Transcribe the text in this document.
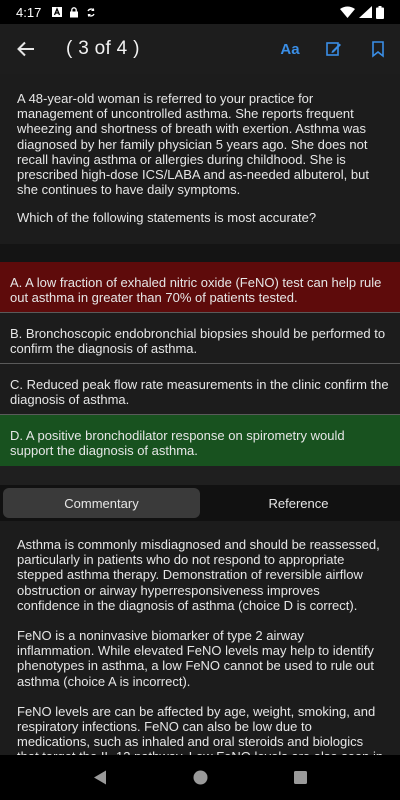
4:17
( 3 of 4 )	Aa

A 48-year-old woman is referred to your practice for management of uncontrolled asthma. She reports frequent wheezing and shortness of breath with exertion. Asthma was diagnosed by her family physician 5 years ago. She does not recall having asthma or allergies during childhood. She is prescribed high-dose ICS/LABA and as-needed albuterol, but she continues to have daily symptoms.

Which of the following statements is most accurate?

A. A low fraction of exhaled nitric oxide (FeNO) test can help rule out asthma in greater than 70% of patients tested.
B. Bronchoscopic endobronchial biopsies should be performed to confirm the diagnosis of asthma.
C. Reduced peak flow rate measurements in the clinic confirm the diagnosis of asthma.
D. A positive bronchodilator response on spirometry would support the diagnosis of asthma.
Commentary	Reference

Asthma is commonly misdiagnosed and should be reassessed, particularly in patients who do not respond to appropriate stepped asthma therapy. Demonstration of reversible airflow obstruction or airway hyperresponsiveness improves confidence in the diagnosis of asthma (choice D is correct).

FeNO is a noninvasive biomarker of type 2 airway inflammation. While elevated FeNO levels may help to identify phenotypes in asthma, a low FeNO cannot be used to rule out asthma (choice A is incorrect).

FeNO levels are can be affected by age, weight, smoking, and respiratory infections. FeNO can also be low due to medications, such as inhaled and oral steroids and biologics
